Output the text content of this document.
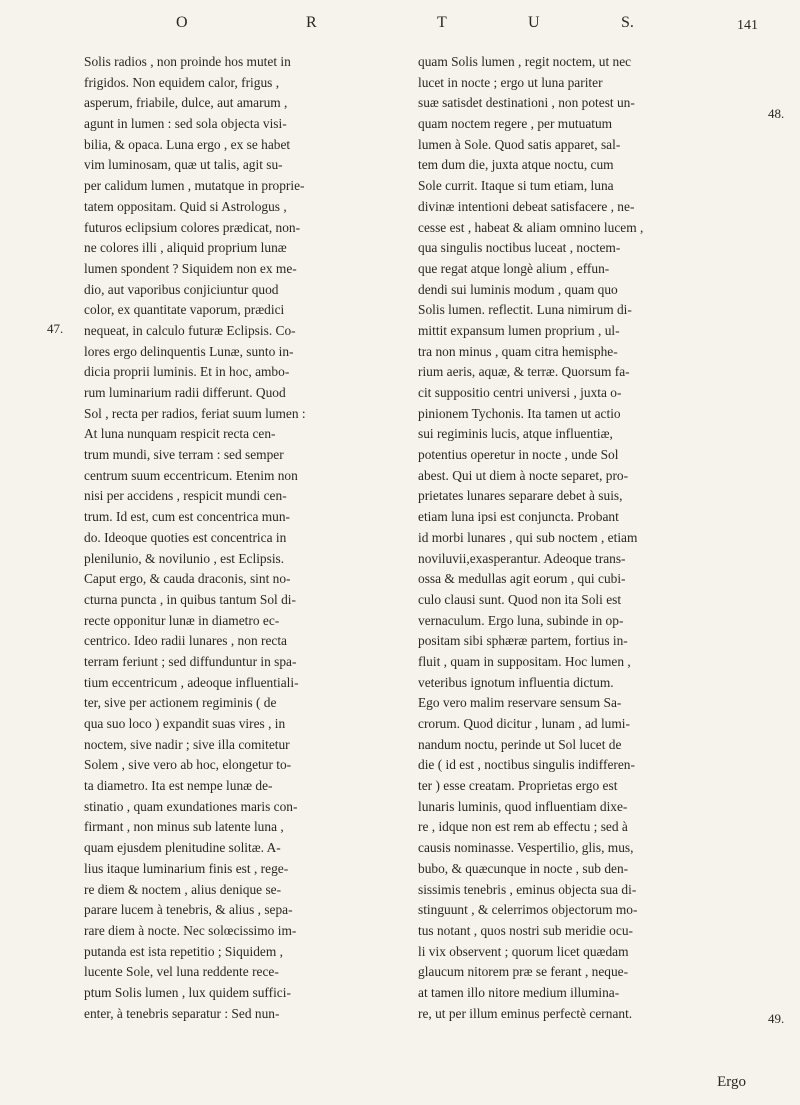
O	R	T	U	S.	141
Solis radios , non proinde hos mutet in
frigidos. Non equidem calor, frigus ,
asperum, friabile, dulce, aut amarum ,
agunt in lumen : sed sola objecta visi-
bilia, & opaca. Luna ergo , ex se habet
vim luminosam, quæ ut talis, agit su-
per calidum lumen , mutatque in proprie-
tatem oppositam. Quid si Astrologus ,
futuros eclipsium colores prædicat, non-
ne colores illi , aliquid proprium lunæ
lumen spondent ? Siquidem non ex me-
dio, aut vaporibus conjiciuntur quod
color, ex quantitate vaporum, prædici
nequeat, in calculo futuræ Eclipsis. Co-
lores ergo delinquentis Lunæ, sunto in-
dicia proprii luminis. Et in hoc, ambo-
rum luminarium radii differunt. Quod
Sol , recta per radios, feriat suum lumen :
At luna nunquam respicit recta cen-
trum mundi, sive terram : sed semper
centrum suum eccentricum. Etenim non
nisi per accidens , respicit mundi cen-
trum. Id est, cum est concentrica mun-
do. Ideoque quoties est concentrica in
plenilunio, & novilunio , est Eclipsis.
Caput ergo, & cauda draconis, sint no-
cturna puncta , in quibus tantum Sol di-
recte opponitur lunæ in diametro ec-
centrico. Ideo radii lunares , non recta
terram feriunt ; sed diffunduntur in spa-
tium eccentricum , adeoque influentiali-
ter, sive per actionem regiminis ( de
qua suo loco ) expandit suas vires , in
noctem, sive nadir ; sive illa comitetur
Solem , sive vero ab hoc, elongetur to-
ta diametro. Ita est nempe lunæ de-
stinatio , quam exundationes maris con-
firmant , non minus sub latente luna ,
quam ejusdem plenitudine solitæ. A-
lius itaque luminarium finis est , rege-
re diem & noctem , alius denique se-
parare lucem à tenebris, & alius , sepa-
rare diem à nocte. Nec solœcissimo im-
putanda est ista repetitio ; Siquidem ,
lucente Sole, vel luna reddente rece-
ptum Solis lumen , lux quidem suffici-
enter, à tenebris separatur : Sed nun-
quam Solis lumen , regit noctem, ut nec
lucet in nocte ; ergo ut luna pariter
suæ satisdet destinationi , non potest un-
quam noctem regere , per mutuatum
lumen à Sole. Quod satis apparet, sal-
tem dum die, juxta atque noctu, cum
Sole currit. Itaque si tum etiam, luna
divinæ intentioni debeat satisfacere , ne-
cesse est , habeat & aliam omnino lucem ,
qua singulis noctibus luceat , noctem-
que regat atque longè alium , effun-
dendi sui luminis modum , quam quo
Solis lumen. reflectit. Luna nimirum di-
mittit expansum lumen proprium , ul-
tra non minus , quam citra hemisphe-
rium aeris, aquæ, & terræ. Quorsum fa-
cit suppositio centri universi , juxta o-
pinionem Tychonis. Ita tamen ut actio
sui regiminis lucis, atque influentiæ,
potentius operetur in nocte , unde Sol
abest. Qui ut diem à nocte separet, pro-
prietates lunares separare debet à suis,
etiam luna ipsi est conjuncta. Probant
id morbi lunares , qui sub noctem , etiam
noviluvii,exasperantur. Adeoque trans-
ossa & medullas agit eorum , qui cubi-
culo clausi sunt. Quod non ita Soli est
vernaculum. Ergo luna, subinde in op-
positam sibi sphæræ partem, fortius in-
fluit , quam in suppositam. Hoc lumen ,
veteribus ignotum influentia dictum.
Ego vero malim reservare sensum Sa-
crorum. Quod dicitur , lunam , ad lumi-
nandum noctu, perinde ut Sol lucet de
die ( id est , noctibus singulis indifferen-
ter ) esse creatam. Proprietas ergo est
lunaris luminis, quod influentiam dixe-
re , idque non est rem ab effectu ; sed à
causis nominasse. Vespertilio, glis, mus,
bubo, & quæcunque in nocte , sub den-
sissimis tenebris , eminus objecta sua di-
stinguunt , & celerrimos objectorum mo-
tus notant , quos nostri sub meridie ocu-
li vix observent ; quorum licet quædam
glaucum nitorem præ se ferant , neque-
at tamen illo nitore medium illumina-
re, ut per illum eminus perfectè cernant.
47.
48.
49.
Ergo
